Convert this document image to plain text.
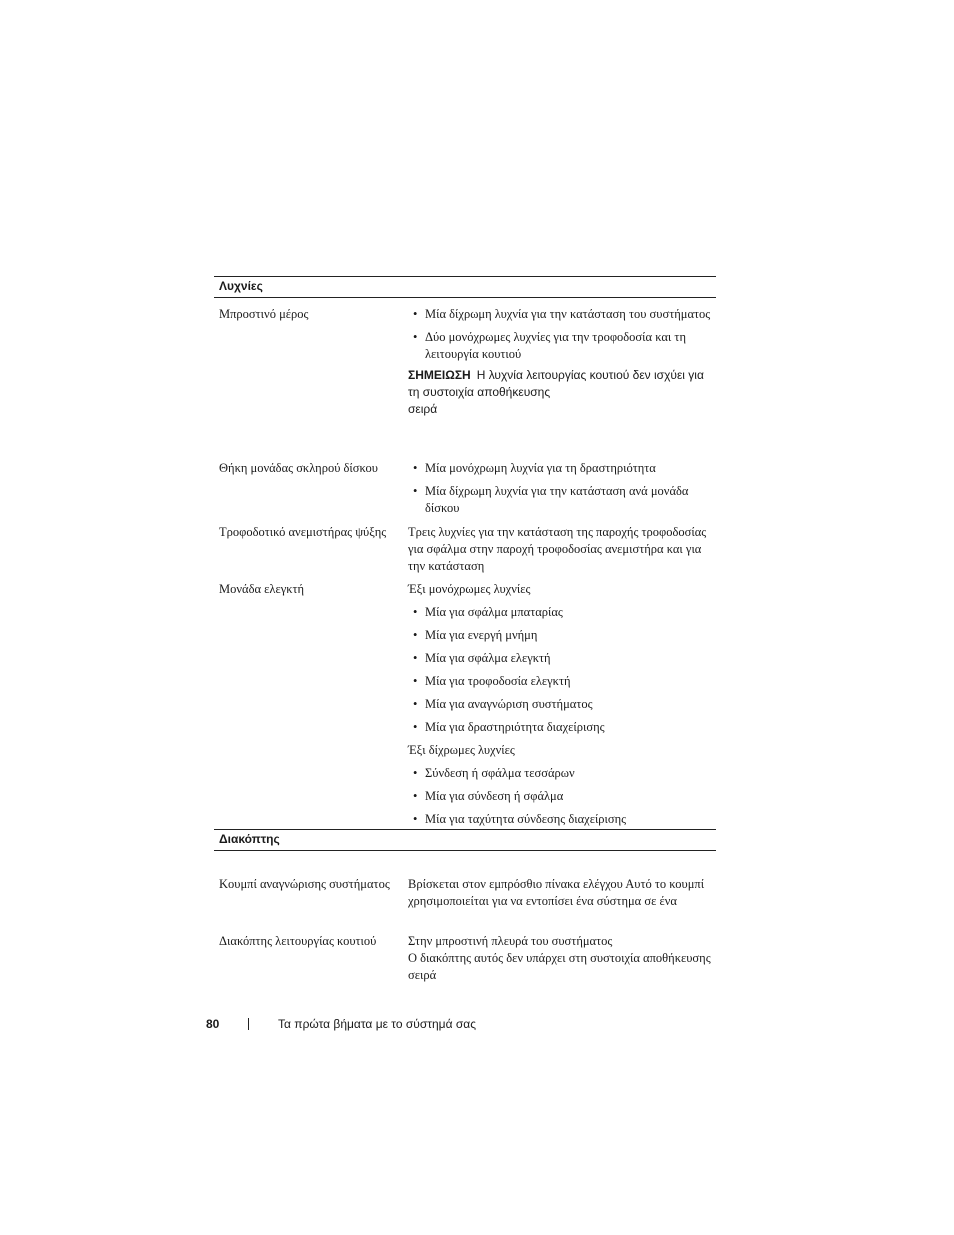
Λυχνίες
Μπροστινό μέρος	• Μία δίχρωμη λυχνία για την κατάσταση του συστήματος
• Δύο μονόχρωμες λυχνίες για την τροφοδοσία και τη λειτουργία κουτιού
ΣΗΜΕΙΩΣΗ Η λυχνία λειτουργίας κουτιού δεν ισχύει για τη συστοιχία αποθήκευσης
σειρά
Θήκη μονάδας σκληρού δίσκου	• Μία μονόχρωμη λυχνία για τη δραστηριότητα
• Μία δίχρωμη λυχνία για την κατάσταση ανά μονάδα δίσκου
Τροφοδοτικό ανεμιστήρας ψύξης	Τρεις λυχνίες για την κατάσταση της παροχής τροφοδοσίας για σφάλμα στην παροχή τροφοδοσίας ανεμιστήρα και για την κατάσταση
Μονάδα ελεγκτή	Έξι μονόχρωμες λυχνίες
• Μία για σφάλμα μπαταρίας
• Μία για ενεργή μνήμη
• Μία για σφάλμα ελεγκτή
• Μία για τροφοδοσία ελεγκτή
• Μία για αναγνώριση συστήματος
• Μία για δραστηριότητα διαχείρισης
Έξι δίχρωμες λυχνίες
• Σύνδεση ή σφάλμα τεσσάρων
• Μία για σύνδεση ή σφάλμα
• Μία για ταχύτητα σύνδεσης διαχείρισης
Διακόπτης
Κουμπί αναγνώρισης συστήματος	Βρίσκεται στον εμπρόσθιο πίνακα ελέγχου Αυτό το κουμπί χρησιμοποιείται για να εντοπίσει ένα σύστημα σε ένα
Διακόπτης λειτουργίας κουτιού	Στην μπροστινή πλευρά του συστήματος
Ο διακόπτης αυτός δεν υπάρχει στη συστοιχία αποθήκευσης σειρά
80	Τα πρώτα βήματα με το σύστημά σας
